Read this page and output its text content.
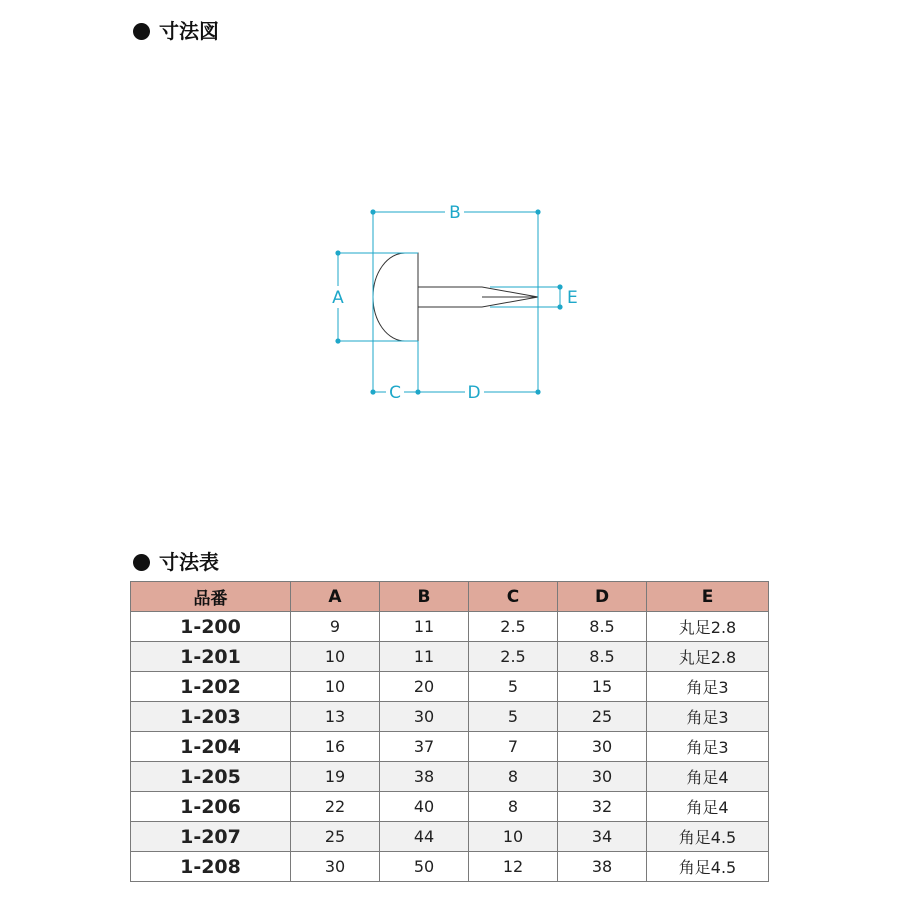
寸法図
B
A	E
C	D
寸法表
品番	A	B	C	D	E
1-200	9	11	2.5	8.5	丸足2.8
1-201	10	11	2.5	8.5	丸足2.8
1-202	10	20	5	15	角足3
1-203	13	30	5	25	角足3
1-204	16	37	7	30	角足3
1-205	19	38	8	30	角足4
1-206	22	40	8	32	角足4
1-207	25	44	10	34	角足4.5
1-208	30	50	12	38	角足4.5
